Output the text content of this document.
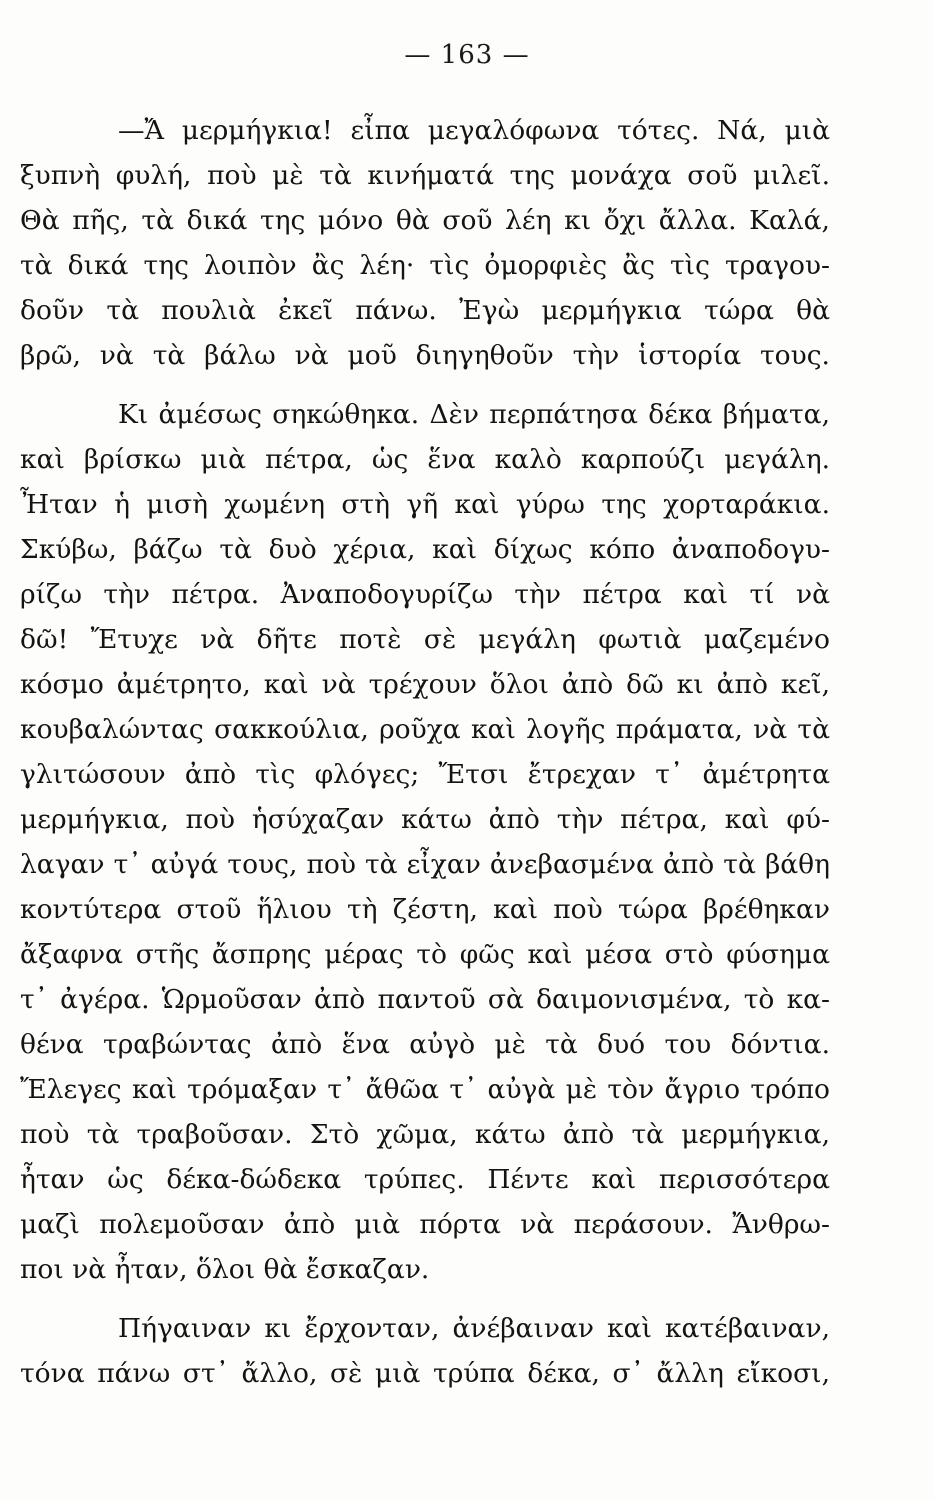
— 163 —
—Ἄ μερμήγκια! εἶπα μεγαλόφωνα τότες. Νά, μιὰ
ξυπνὴ φυλή, ποὺ μὲ τὰ κινήματά της μονάχα σοῦ μιλεῖ.
Θὰ πῆς, τὰ δικά της μόνο θὰ σοῦ λέη κι ὄχι ἄλλα. Καλά,
τὰ δικά της λοιπὸν ἂς λέη· τὶς ὀμορφιὲς ἂς τὶς τραγου-
δοῦν τὰ πουλιὰ ἐκεῖ πάνω. Ἐγὼ μερμήγκια τώρα θὰ
βρῶ, νὰ τὰ βάλω νὰ μοῦ διηγηθοῦν τὴν ἱστορία τους.
Κι ἀμέσως σηκώθηκα. Δὲν περπάτησα δέκα βήματα,
καὶ βρίσκω μιὰ πέτρα, ὡς ἕνα καλὸ καρπούζι μεγάλη.
Ἦταν ἡ μισὴ χωμένη στὴ γῆ καὶ γύρω της χορταράκια.
Σκύβω, βάζω τὰ δυὸ χέρια, καὶ δίχως κόπο ἀναποδογυ-
ρίζω τὴν πέτρα. Ἀναποδογυρίζω τὴν πέτρα καὶ τί νὰ
δῶ! Ἔτυχε νὰ δῆτε ποτὲ σὲ μεγάλη φωτιὰ μαζεμένο
κόσμο ἀμέτρητο, καὶ νὰ τρέχουν ὅλοι ἀπὸ δῶ κι ἀπὸ κεῖ,
κουβαλώντας σακκούλια, ροῦχα καὶ λογῆς πράματα, νὰ τὰ
γλιτώσουν ἀπὸ τὶς φλόγες; Ἔτσι ἔτρεχαν τ᾿ ἀμέτρητα
μερμήγκια, ποὺ ἡσύχαζαν κάτω ἀπὸ τὴν πέτρα, καὶ φύ-
λαγαν τ᾿ αὐγά τους, ποὺ τὰ εἶχαν ἀνεβασμένα ἀπὸ τὰ βάθη
κοντύτερα στοῦ ἥλιου τὴ ζέστη, καὶ ποὺ τώρα βρέθηκαν
ἄξαφνα στῆς ἄσπρης μέρας τὸ φῶς καὶ μέσα στὸ φύσημα
τ᾿ ἀγέρα. Ὡρμοῦσαν ἀπὸ παντοῦ σὰ δαιμονισμένα, τὸ κα-
θένα τραβώντας ἀπὸ ἕνα αὐγὸ μὲ τὰ δυό του δόντια.
Ἔλεγες καὶ τρόμαξαν τ᾿ ἄθῶα τ᾿ αὐγὰ μὲ τὸν ἄγριο τρόπο
ποὺ τὰ τραβοῦσαν. Στὸ χῶμα, κάτω ἀπὸ τὰ μερμήγκια,
ἦταν ὡς δέκα-δώδεκα τρύπες. Πέντε καὶ περισσότερα
μαζὶ πολεμοῦσαν ἀπὸ μιὰ πόρτα νὰ περάσουν. Ἄνθρω-
ποι νὰ ἦταν, ὅλοι θὰ ἔσκαζαν.
Πήγαιναν κι ἔρχονταν, ἀνέβαιναν καὶ κατέβαιναν,
τόνα πάνω στ᾿ ἄλλο, σὲ μιὰ τρύπα δέκα, σ᾿ ἄλλη εἴκοσι,
